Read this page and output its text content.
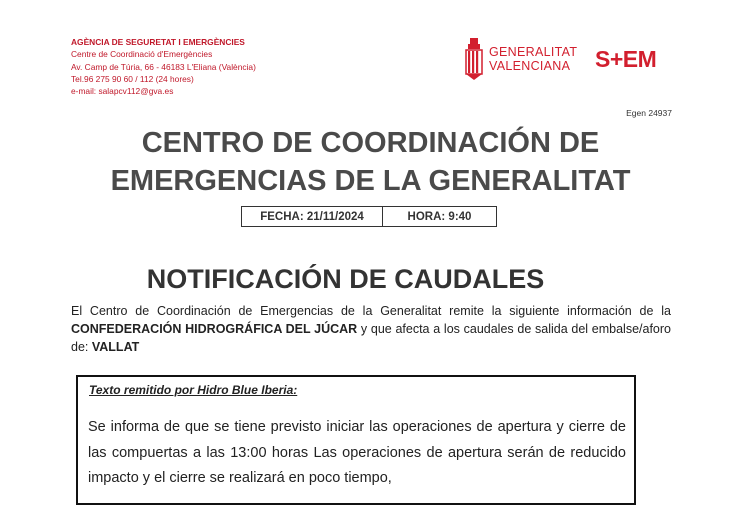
AGÈNCIA DE SEGURETAT I EMERGÈNCIES
Centre de Coordinació d'Emergències
Av. Camp de Túria, 66 - 46183 L'Eliana (València)
Tel.96 275 90 60 / 112 (24 hores)
e-mail: salapcv112@gva.es
GENERALITAT
VALENCIANA	S+EM
Egen 24937
CENTRO DE COORDINACIÓN DE
EMERGENCIAS DE LA GENERALITAT
FECHA: 21/11/2024	HORA: 9:40
NOTIFICACIÓN DE CAUDALES
El Centro de Coordinación de Emergencias de la Generalitat remite la siguiente información de la CONFEDERACIÓN HIDROGRÁFICA DEL JÚCAR y que afecta a los caudales de salida del embalse/aforo de: VALLAT
Texto remitido por Hidro Blue Iberia:
Se informa de que se tiene previsto iniciar las operaciones de apertura y cierre de las compuertas a las 13:00 horas Las operaciones de apertura serán de reducido impacto y el cierre se realizará en poco tiempo,
